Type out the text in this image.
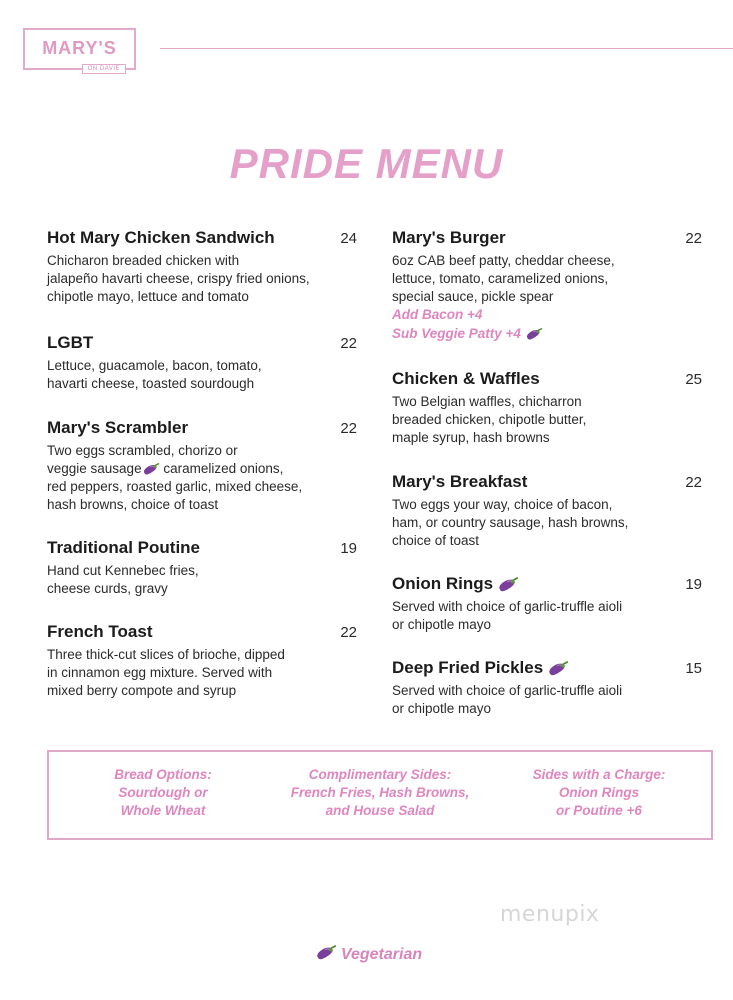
MARY'S
ON DAVIE
PRIDE MENU
Hot Mary Chicken Sandwich	24
Chicharon breaded chicken with
jalapeño havarti cheese, crispy fried onions,
chipotle mayo, lettuce and tomato
LGBT	22
Lettuce, guacamole, bacon, tomato,
havarti cheese, toasted sourdough
Mary's Scrambler	22
Two eggs scrambled, chorizo or
veggie sausage caramelized onions,
red peppers, roasted garlic, mixed cheese,
hash browns, choice of toast
Traditional Poutine	19
Hand cut Kennebec fries,
cheese curds, gravy
French Toast	22
Three thick-cut slices of brioche, dipped
in cinnamon egg mixture. Served with
mixed berry compote and syrup
Mary's Burger	22
6oz CAB beef patty, cheddar cheese,
lettuce, tomato, caramelized onions,
special sauce, pickle spear
Add Bacon +4
Sub Veggie Patty +4
Chicken & Waffles	25
Two Belgian waffles, chicharron
breaded chicken, chipotle butter,
maple syrup, hash browns
Mary's Breakfast	22
Two eggs your way, choice of bacon,
ham, or country sausage, hash browns,
choice of toast
Onion Rings	19
Served with choice of garlic-truffle aioli
or chipotle mayo
Deep Fried Pickles	15
Served with choice of garlic-truffle aioli
or chipotle mayo
Bread Options:
Sourdough or
Whole Wheat
Complimentary Sides:
French Fries, Hash Browns,
and House Salad
Sides with a Charge:
Onion Rings
or Poutine +6
menupix
Vegetarian
